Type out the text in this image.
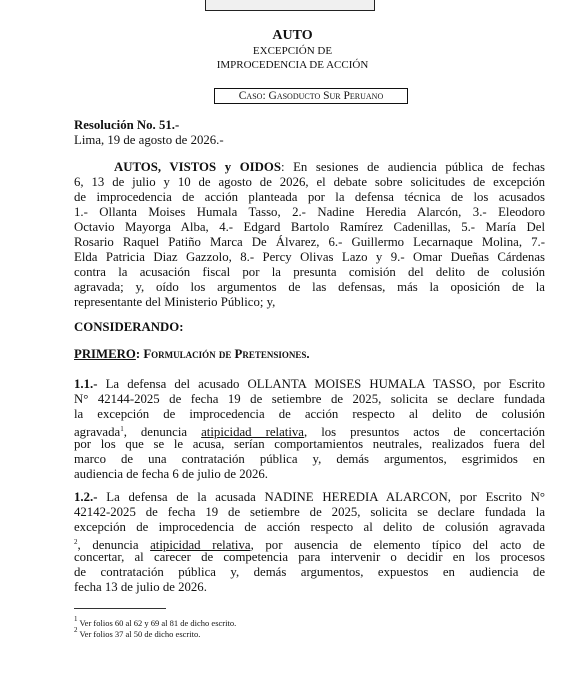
AUTO
EXCEPCIÓN DE
IMPROCEDENCIA DE ACCIÓN
Caso: Gasoducto Sur Peruano
Resolución No. 51.-
Lima, 19 de agosto de 2026.-
AUTOS, VISTOS y OIDOS: En sesiones de audiencia pública de fechas
6, 13 de julio y 10 de agosto de 2026, el debate sobre solicitudes de excepción
de improcedencia de acción planteada por la defensa técnica de los acusados
1.- Ollanta Moises Humala Tasso, 2.- Nadine Heredia Alarcón, 3.- Eleodoro
Octavio Mayorga Alba, 4.- Edgard Bartolo Ramírez Cadenillas, 5.- María Del
Rosario Raquel Patiño Marca De Álvarez, 6.- Guillermo Lecarnaque Molina, 7.-
Elda Patricia Diaz Gazzolo, 8.- Percy Olivas Lazo y 9.- Omar Dueñas Cárdenas
contra la acusación fiscal por la presunta comisión del delito de colusión
agravada; y, oído los argumentos de las defensas, más la oposición de la
representante del Ministerio Público; y,
CONSIDERANDO:
PRIMERO: Formulación de Pretensiones.
1.1.- La defensa del acusado OLLANTA MOISES HUMALA TASSO, por Escrito
N° 42144-2025 de fecha 19 de setiembre de 2025, solicita se declare fundada
la excepción de improcedencia de acción respecto al delito de colusión
agravada$^1$, denuncia atipicidad relativa, los presuntos actos de concertación
por los que se le acusa, serían comportamientos neutrales, realizados fuera del
marco de una contratación pública y, demás argumentos, esgrimidos en
audiencia de fecha 6 de julio de 2026.
1.2.- La defensa de la acusada NADINE HEREDIA ALARCON, por Escrito N°
42142-2025 de fecha 19 de setiembre de 2025, solicita se declare fundada la
excepción de improcedencia de acción respecto al delito de colusión agravada
$^2$, denuncia atipicidad relativa, por ausencia de elemento típico del acto de
concertar, al carecer de competencia para intervenir o decidir en los procesos
de contratación pública y, demás argumentos, expuestos en audiencia de
fecha 13 de julio de 2026.
$^1$ Ver folios 60 al 62 y 69 al 81 de dicho escrito.
$^2$ Ver folios 37 al 50 de dicho escrito.
